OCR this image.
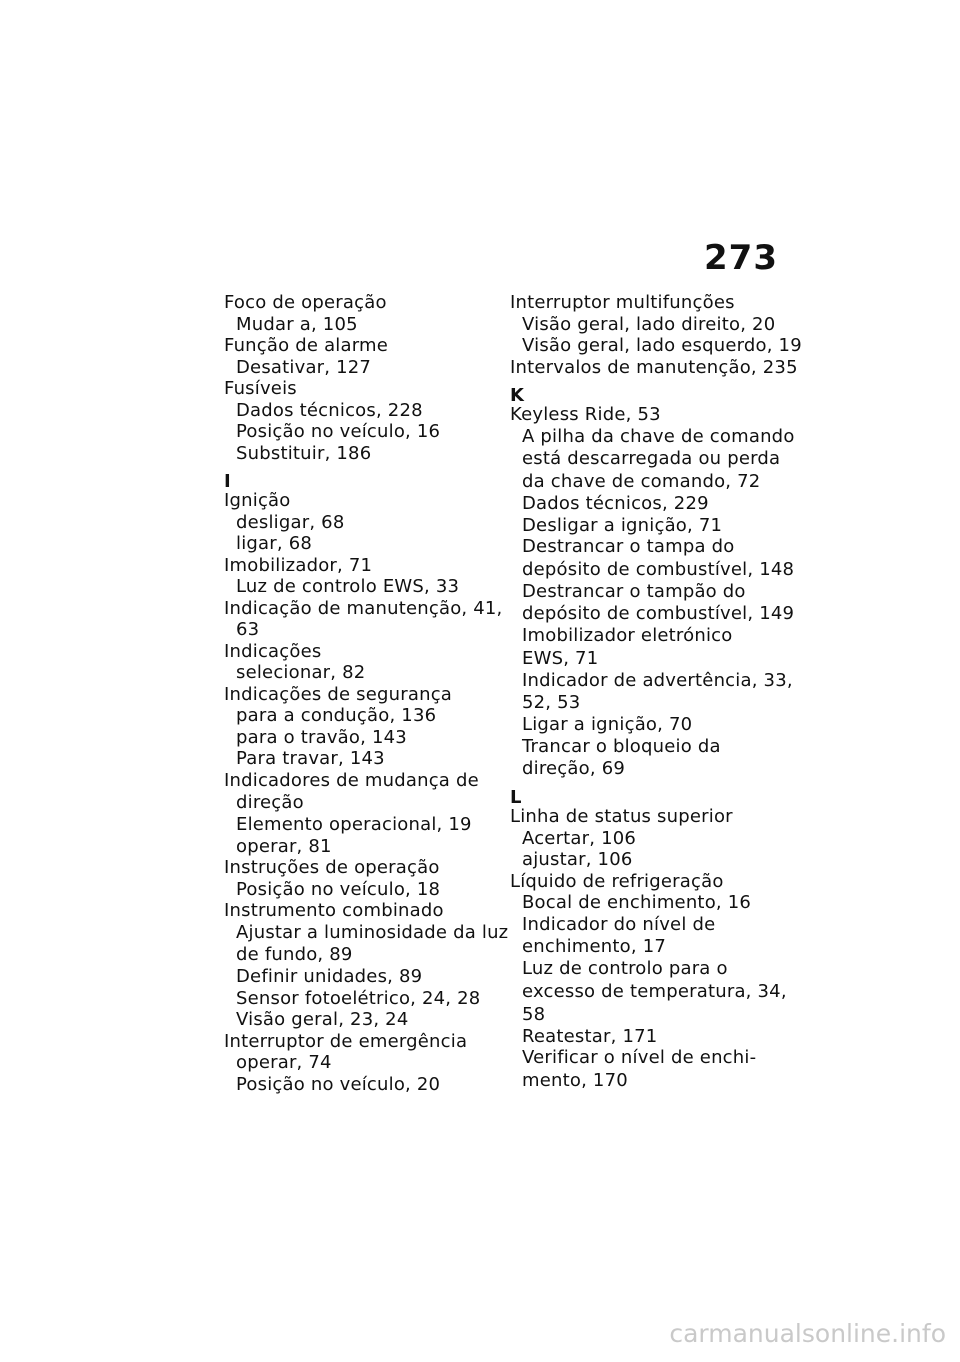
273
Foco de operação
Mudar a, 105
Função de alarme
Desativar, 127
Fusíveis
Dados técnicos, 228
Posição no veículo, 16
Substituir, 186
I
Ignição
desligar, 68
ligar, 68
Imobilizador, 71
Luz de controlo EWS, 33
Indicação de manutenção, 41,
63
Indicações
selecionar, 82
Indicações de segurança
para a condução, 136
para o travão, 143
Para travar, 143
Indicadores de mudança de
direção
Elemento operacional, 19
operar, 81
Instruções de operação
Posição no veículo, 18
Instrumento combinado
Ajustar a luminosidade da luz
de fundo, 89
Definir unidades, 89
Sensor fotoelétrico, 24, 28
Visão geral, 23, 24
Interruptor de emergência
operar, 74
Posição no veículo, 20
Interruptor multifunções
Visão geral, lado direito, 20
Visão geral, lado esquerdo, 19
Intervalos de manutenção, 235
K
Keyless Ride, 53
A pilha da chave de comando
está descarregada ou perda
da chave de comando, 72
Dados técnicos, 229
Desligar a ignição, 71
Destrancar o tampa do
depósito de combustível, 148
Destrancar o tampão do
depósito de combustível, 149
Imobilizador eletrónico
EWS, 71
Indicador de advertência, 33,
52, 53
Ligar a ignição, 70
Trancar o bloqueio da
direção, 69
L
Linha de status superior
Acertar, 106
ajustar, 106
Líquido de refrigeração
Bocal de enchimento, 16
Indicador do nível de
enchimento, 17
Luz de controlo para o
excesso de temperatura, 34,
58
Reatestar, 171
Verificar o nível de enchi-
mento, 170
carmanualsonline.info
